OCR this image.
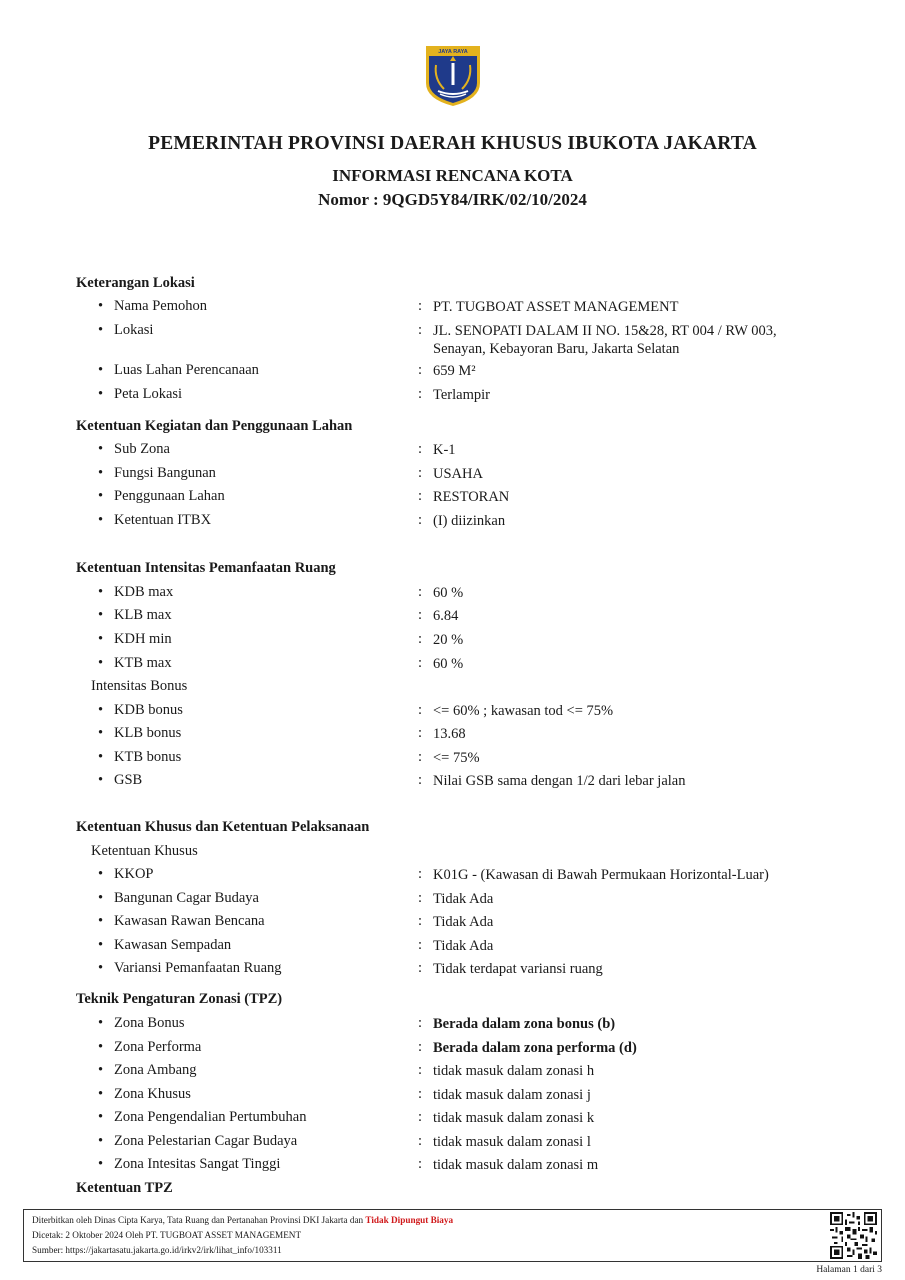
JAYA RAYA
PEMERINTAH PROVINSI DAERAH KHUSUS IBUKOTA JAKARTA
INFORMASI RENCANA KOTA
Nomor : 9QGD5Y84/IRK/02/10/2024
Keterangan Lokasi
• Nama Pemohon	: PT. TUGBOAT ASSET MANAGEMENT
• Lokasi	: JL. SENOPATI DALAM II NO. 15&28, RT 004 / RW 003, Senayan, Kebayoran Baru, Jakarta Selatan
• Luas Lahan Perencanaan	: 659 M²
• Peta Lokasi	: Terlampir
Ketentuan Kegiatan dan Penggunaan Lahan
• Sub Zona	: K-1
• Fungsi Bangunan	: USAHA
• Penggunaan Lahan	: RESTORAN
• Ketentuan ITBX	: (I) diizinkan
Ketentuan Intensitas Pemanfaatan Ruang
• KDB max	: 60 %
• KLB max	: 6.84
• KDH min	: 20 %
• KTB max	: 60 %
Intensitas Bonus
• KDB bonus	: <= 60% ; kawasan tod <= 75%
• KLB bonus	: 13.68
• KTB bonus	: <= 75%
• GSB	: Nilai GSB sama dengan 1/2 dari lebar jalan
Ketentuan Khusus dan Ketentuan Pelaksanaan
Ketentuan Khusus
• KKOP	: K01G - (Kawasan di Bawah Permukaan Horizontal-Luar)
• Bangunan Cagar Budaya	: Tidak Ada
• Kawasan Rawan Bencana	: Tidak Ada
• Kawasan Sempadan	: Tidak Ada
• Variansi Pemanfaatan Ruang	: Tidak terdapat variansi ruang
Teknik Pengaturan Zonasi (TPZ)
• Zona Bonus	: Berada dalam zona bonus (b)
• Zona Performa	: Berada dalam zona performa (d)
• Zona Ambang	: tidak masuk dalam zonasi h
• Zona Khusus	: tidak masuk dalam zonasi j
• Zona Pengendalian Pertumbuhan	: tidak masuk dalam zonasi k
• Zona Pelestarian Cagar Budaya	: tidak masuk dalam zonasi l
• Zona Intesitas Sangat Tinggi	: tidak masuk dalam zonasi m
Ketentuan TPZ
Diterbitkan oleh Dinas Cipta Karya, Tata Ruang dan Pertanahan Provinsi DKI Jakarta dan Tidak Dipungut Biaya
Dicetak: 2 Oktober 2024 Oleh PT. TUGBOAT ASSET MANAGEMENT
Sumber: https://jakartasatu.jakarta.go.id/irkv2/irk/lihat_info/103311
Halaman 1 dari 3
